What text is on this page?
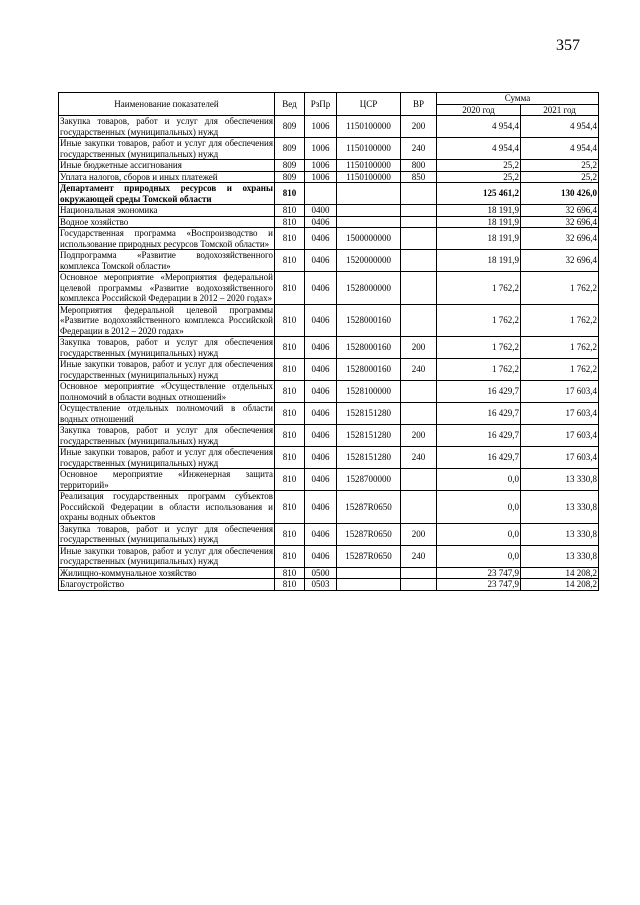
357
Наименование показателей	Вед	РзПр	ЦСР	ВР	Сумма	
					2020 год	2021 год
Закупка товаров, работ и услуг для обеспечения государственных (муниципальных) нужд	809	1006	1150100000	200	4 954,4	4 954,4
Иные закупки товаров, работ и услуг для обеспечения государственных (муниципальных) нужд	809	1006	1150100000	240	4 954,4	4 954,4
Иные бюджетные ассигнования	809	1006	1150100000	800	25,2	25,2
Уплата налогов, сборов и иных платежей	809	1006	1150100000	850	25,2	25,2
Департамент природных ресурсов и охраны окружающей среды Томской области	810				125 461,2	130 426,0
Национальная экономика	810	0400			18 191,9	32 696,4
Водное хозяйство	810	0406			18 191,9	32 696,4
Государственная программа «Воспроизводство и использование природных ресурсов Томской области»	810	0406	1500000000		18 191,9	32 696,4
Подпрограмма «Развитие водохозяйственного комплекса Томской области»	810	0406	1520000000		18 191,9	32 696,4
Основное мероприятие «Мероприятия федеральной целевой программы «Развитие водохозяйственного комплекса Российской Федерации в 2012 – 2020 годах»	810	0406	1528000000		1 762,2	1 762,2
Мероприятия федеральной целевой программы «Развитие водохозяйственного комплекса Российской Федерации в 2012 – 2020 годах»	810	0406	1528000160		1 762,2	1 762,2
Закупка товаров, работ и услуг для обеспечения государственных (муниципальных) нужд	810	0406	1528000160	200	1 762,2	1 762,2
Иные закупки товаров, работ и услуг для обеспечения государственных (муниципальных) нужд	810	0406	1528000160	240	1 762,2	1 762,2
Основное мероприятие «Осуществление отдельных полномочий в области водных отношений»	810	0406	1528100000		16 429,7	17 603,4
Осуществление отдельных полномочий в области водных отношений	810	0406	1528151280		16 429,7	17 603,4
Закупка товаров, работ и услуг для обеспечения государственных (муниципальных) нужд	810	0406	1528151280	200	16 429,7	17 603,4
Иные закупки товаров, работ и услуг для обеспечения государственных (муниципальных) нужд	810	0406	1528151280	240	16 429,7	17 603,4
Основное мероприятие «Инженерная защита территорий»	810	0406	1528700000		0,0	13 330,8
Реализация государственных программ субъектов Российской Федерации в области использования и охраны водных объектов	810	0406	15287R0650		0,0	13 330,8
Закупка товаров, работ и услуг для обеспечения государственных (муниципальных) нужд	810	0406	15287R0650	200	0,0	13 330,8
Иные закупки товаров, работ и услуг для обеспечения государственных (муниципальных) нужд	810	0406	15287R0650	240	0,0	13 330,8
Жилищно-коммунальное хозяйство	810	0500			23 747,9	14 208,2
Благоустройство	810	0503			23 747,9	14 208,2
